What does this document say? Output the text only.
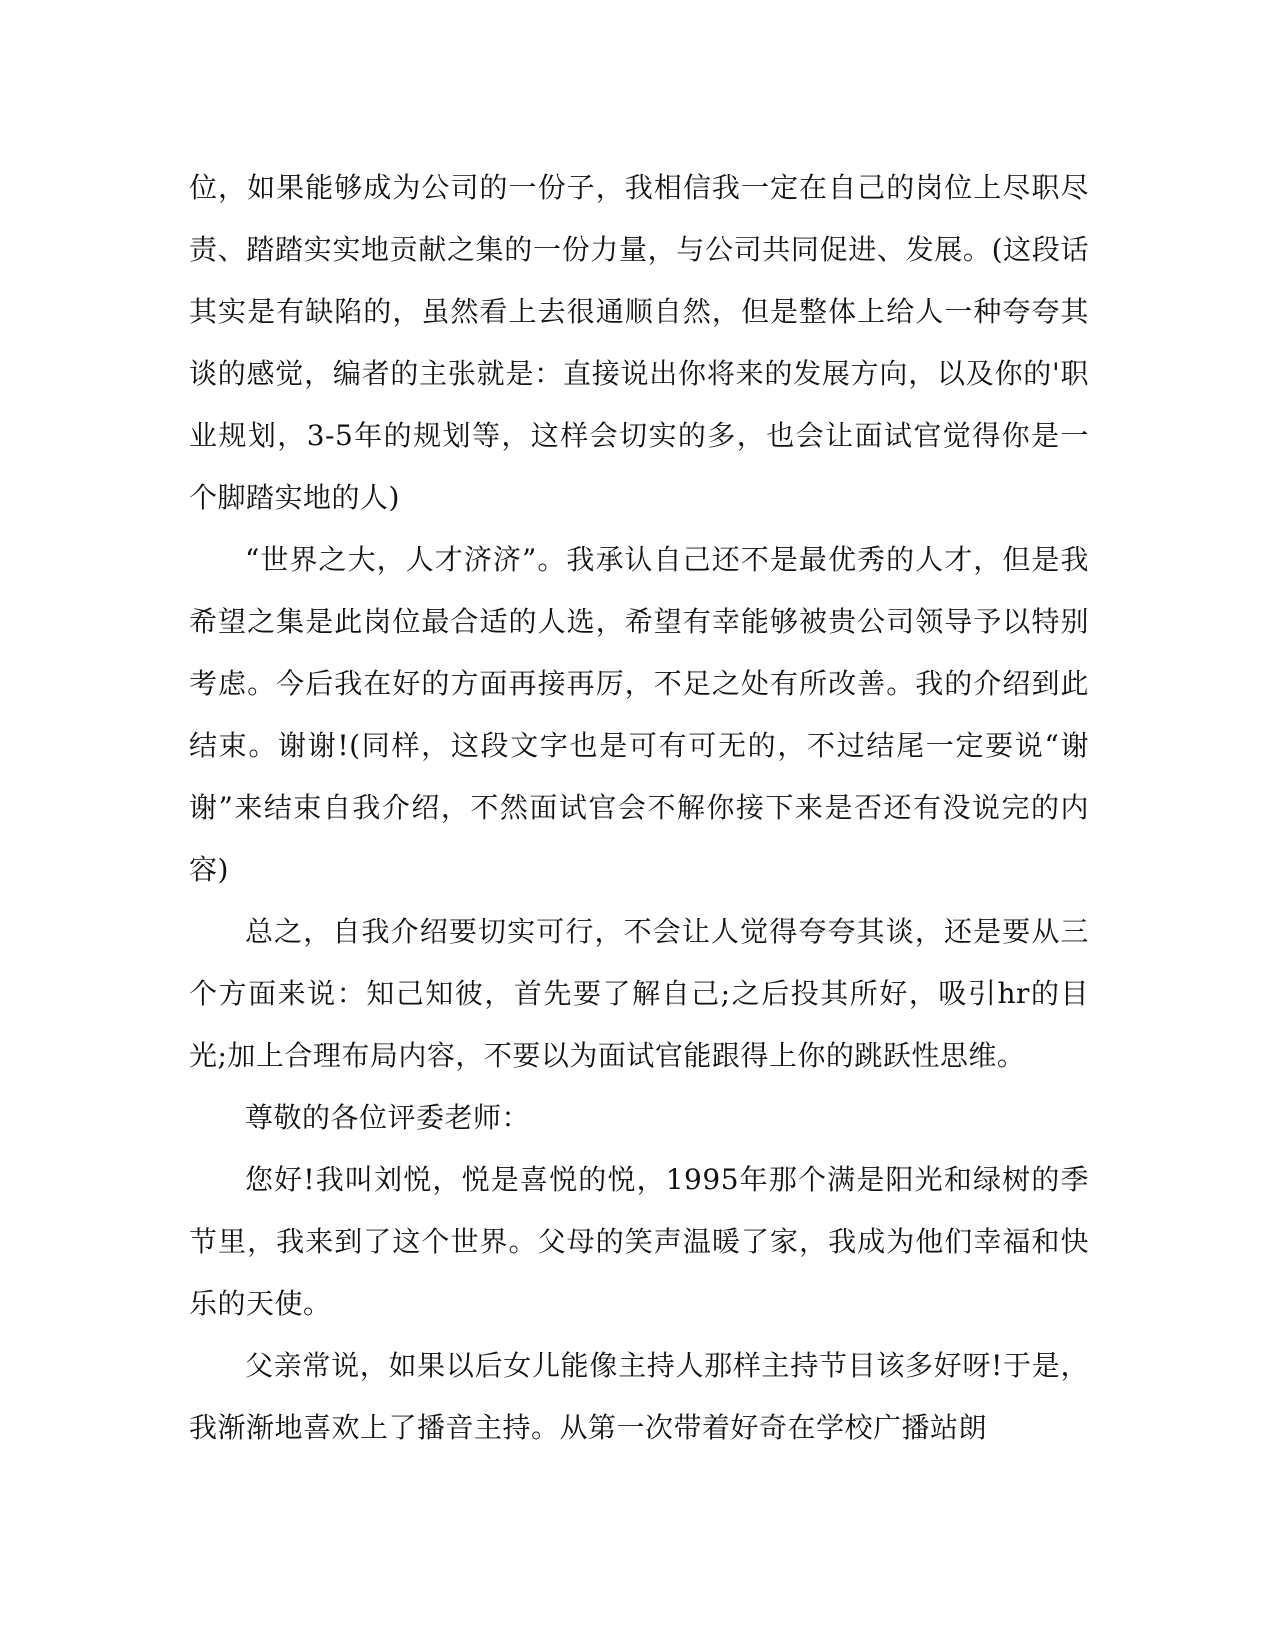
位，如果能够成为公司的一份子，我相信我一定在自己的岗位上尽职尽责、踏踏实实地贡献之集的一份力量，与公司共同促进、发展。(这段话其实是有缺陷的，虽然看上去很通顺自然，但是整体上给人一种夸夸其谈的感觉，编者的主张就是：直接说出你将来的发展方向，以及你的'职业规划，3-5年的规划等，这样会切实的多，也会让面试官觉得你是一个脚踏实地的人)

“世界之大，人才济济”。我承认自己还不是最优秀的人才，但是我希望之集是此岗位最合适的人选，希望有幸能够被贵公司领导予以特别考虑。今后我在好的方面再接再厉，不足之处有所改善。我的介绍到此结束。谢谢!(同样，这段文字也是可有可无的，不过结尾一定要说“谢谢”来结束自我介绍，不然面试官会不解你接下来是否还有没说完的内容)

总之，自我介绍要切实可行，不会让人觉得夸夸其谈，还是要从三个方面来说：知己知彼，首先要了解自己;之后投其所好，吸引hr的目光;加上合理布局内容，不要以为面试官能跟得上你的跳跃性思维。

尊敬的各位评委老师：

您好!我叫刘悦，悦是喜悦的悦，1995年那个满是阳光和绿树的季节里，我来到了这个世界。父母的笑声温暖了家，我成为他们幸福和快乐的天使。

父亲常说，如果以后女儿能像主持人那样主持节目该多好呀!于是，我渐渐地喜欢上了播音主持。从第一次带着好奇在学校广播站朗
